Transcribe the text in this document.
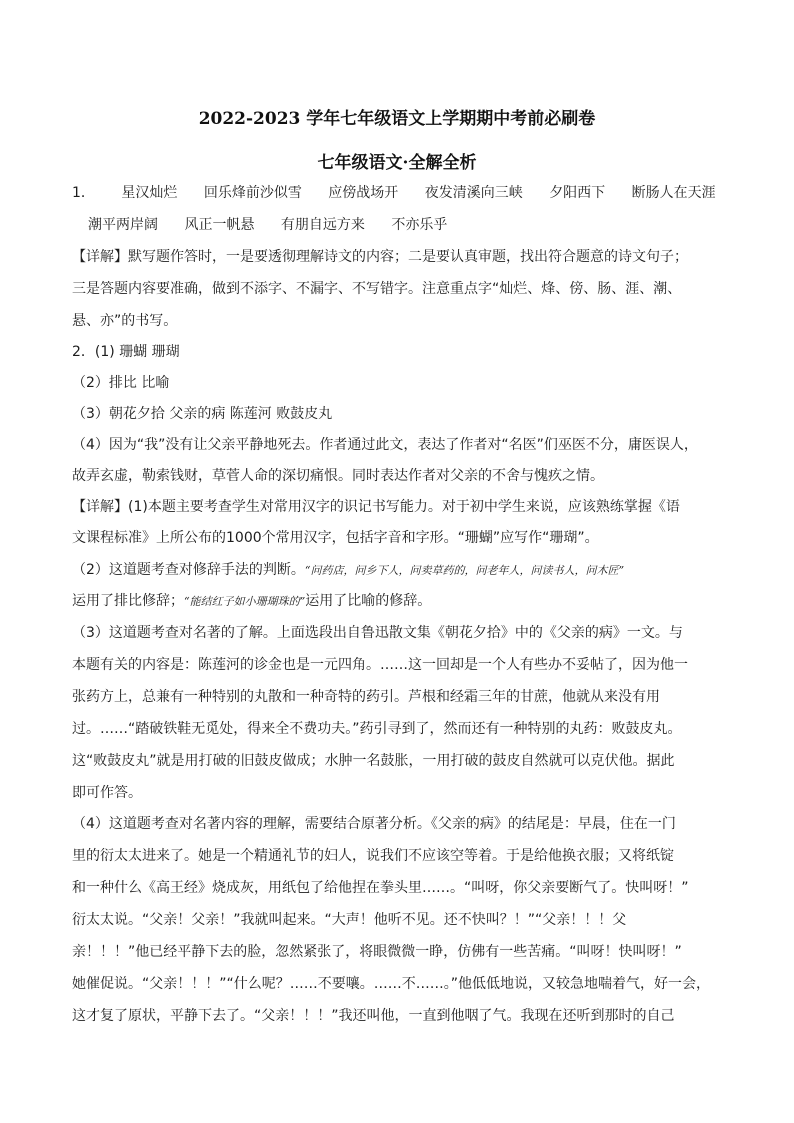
2022-2023 学年七年级语文上学期期中考前必刷卷
七年级语文·全解全析
1． 星汉灿烂 回乐烽前沙似雪 应傍战场开 夜发清溪向三峡 夕阳西下 断肠人在天涯
潮平两岸阔 风正一帆悬 有朋自远方来 不亦乐乎
【详解】默写题作答时，一是要透彻理解诗文的内容；二是要认真审题，找出符合题意的诗文句子；
三是答题内容要准确，做到不添字、不漏字、不写错字。注意重点字“灿烂、烽、傍、肠、涯、潮、
悬、亦”的书写。
2．(1) 珊蝴 珊瑚
（2）排比 比喻
（3）朝花夕拾 父亲的病 陈莲河 败鼓皮丸
（4）因为“我”没有让父亲平静地死去。作者通过此文，表达了作者对“名医”们巫医不分，庸医误人，
故弄玄虚，勒索钱财，草菅人命的深切痛恨。同时表达作者对父亲的不舍与愧疚之情。
【详解】(1)本题主要考查学生对常用汉字的识记书写能力。对于初中学生来说，应该熟练掌握《语
文课程标准》上所公布的1000个常用汉字，包括字音和字形。“珊蝴”应写作“珊瑚”。
（2）这道题考查对修辞手法的判断。“问药店，问乡下人，问卖草药的，问老年人，问读书人，问木匠”
运用了排比修辞；“能结红子如小珊瑚珠的”运用了比喻的修辞。
（3）这道题考查对名著的了解。上面选段出自鲁迅散文集《朝花夕拾》中的《父亲的病》一文。与
本题有关的内容是：陈莲河的诊金也是一元四角。……这一回却是一个人有些办不妥帖了，因为他一
张药方上，总兼有一种特别的丸散和一种奇特的药引。芦根和经霜三年的甘蔗，他就从来没有用
过。……“踏破铁鞋无觅处，得来全不费功夫。”药引寻到了，然而还有一种特别的丸药：败鼓皮丸。
这“败鼓皮丸”就是用打破的旧鼓皮做成；水肿一名鼓胀，一用打破的鼓皮自然就可以克伏他。据此
即可作答。
（4）这道题考查对名著内容的理解，需要结合原著分析。《父亲的病》的结尾是：早晨，住在一门
里的衍太太进来了。她是一个精通礼节的妇人，说我们不应该空等着。于是给他换衣服；又将纸锭
和一种什么《高王经》烧成灰，用纸包了给他捏在拳头里……。“叫呀，你父亲要断气了。快叫呀！”
衍太太说。“父亲！父亲！”我就叫起来。“大声！他听不见。还不快叫？！”“父亲！！！父
亲！！！”他已经平静下去的脸，忽然紧张了，将眼微微一睁，仿佛有一些苦痛。“叫呀！快叫呀！”
她催促说。“父亲！！！”“什么呢？……不要嚷。……不……。”他低低地说，又较急地喘着气，好一会，
这才复了原状，平静下去了。“父亲！！！”我还叫他，一直到他咽了气。我现在还听到那时的自己
